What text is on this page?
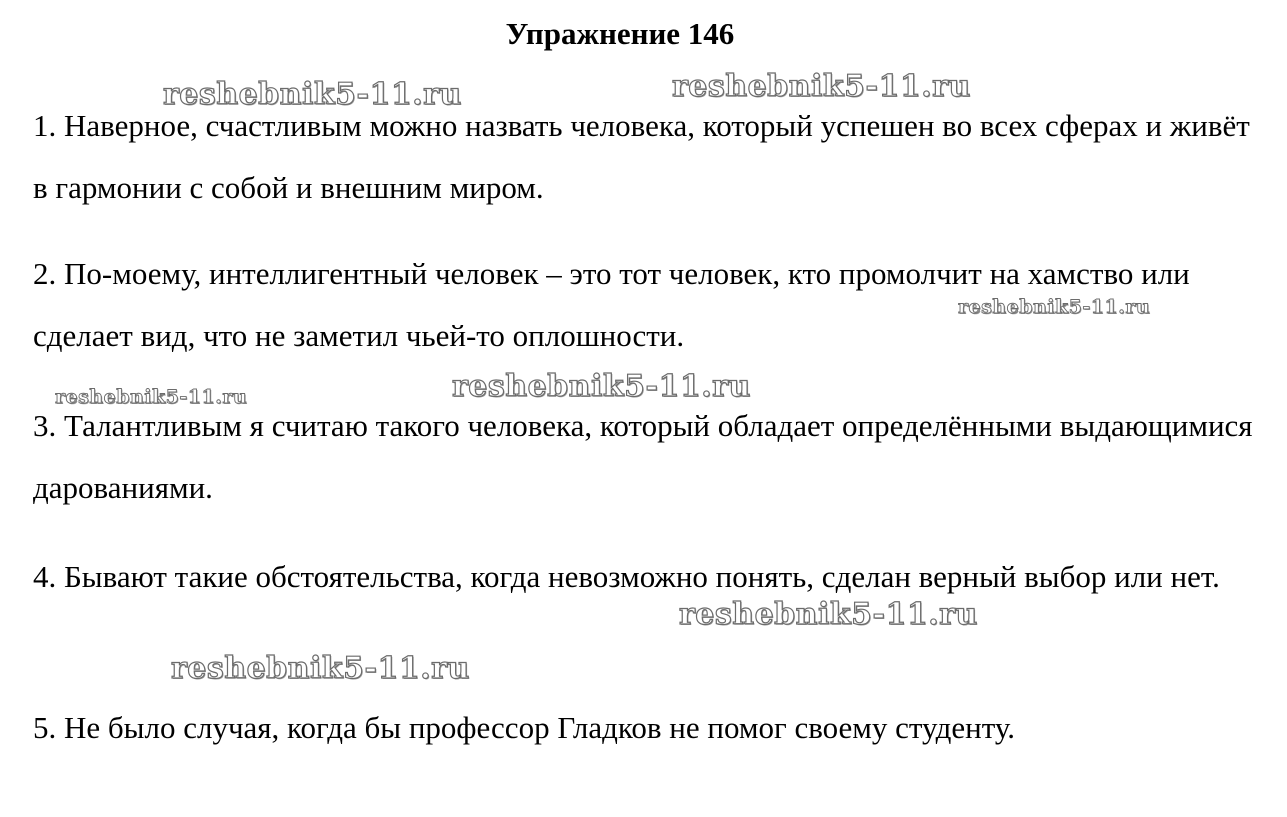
Упражнение 146

1. Наверное, счастливым можно назвать человека, который успешен во всех сферах и живёт в гармонии с собой и внешним миром.

2. По-моему, интеллигентный человек – это тот человек, кто промолчит на хамство или сделает вид, что не заметил чьей-то оплошности.

3. Талантливым я считаю такого человека, который обладает определёнными выдающимися дарованиями.

4. Бывают такие обстоятельства, когда невозможно понять, сделан верный выбор или нет.

5. Не было случая, когда бы профессор Гладков не помог своему студенту.

reshebnik5-11.ru	reshebnik5-11.ru
reshebnik5-11.ru
reshebnik5-11.ru	reshebnik5-11.ru
reshebnik5-11.ru
reshebnik5-11.ru
